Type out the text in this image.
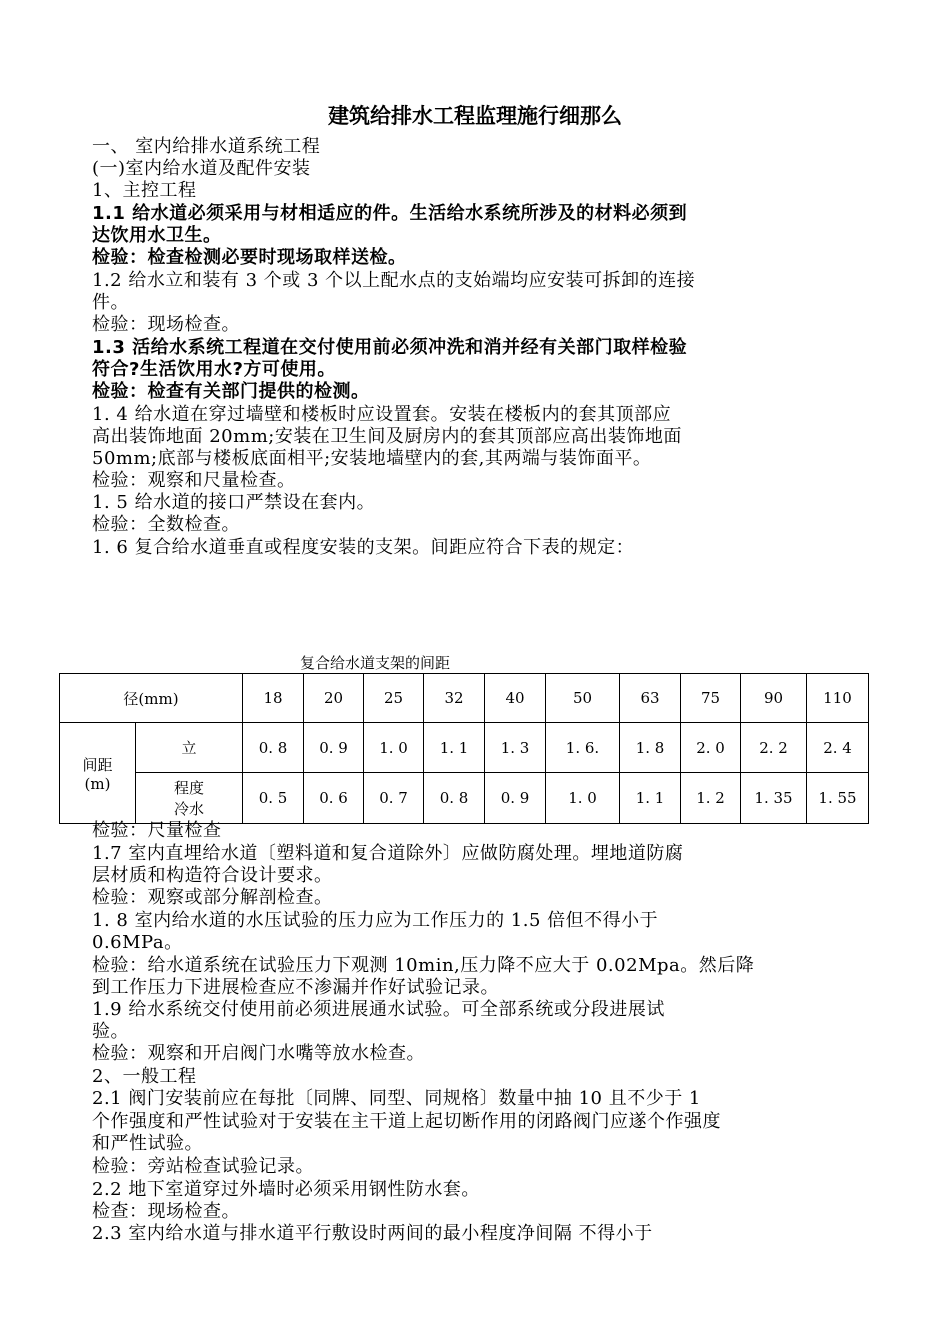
建筑给排水工程监理施行细那么
一、 室内给排水道系统工程
(一)室内给水道及配件安装
1、主控工程
1.1 给水道必须采用与材相适应的件。生活给水系统所涉及的材料必须到
达饮用水卫生。
检验：检查检测必要时现场取样送检。
1.2 给水立和装有 3 个或 3 个以上配水点的支始端均应安装可拆卸的连接
件。
检验：现场检查。
1.3 活给水系统工程道在交付使用前必须冲洗和消并经有关部门取样检验
符合?生活饮用水?方可使用。
检验：检查有关部门提供的检测。
1. 4 给水道在穿过墙壁和楼板时应设置套。安装在楼板内的套其顶部应
高出装饰地面 20mm;安装在卫生间及厨房内的套其顶部应高出装饰地面
50mm;底部与楼板底面相平;安装地墙壁内的套,其两端与装饰面平。
检验：观察和尺量检查。
1. 5 给水道的接口严禁设在套内。
检验：全数检查。
1. 6 复合给水道垂直或程度安装的支架。间距应符合下表的规定：
复合给水道支架的间距
径(mm)		18	20	25	32	40	50	63	75	90	110

间距
(m)	立	0. 8	0. 9	1. 0	1. 1	1. 3	1. 6.	1. 8	2. 0	2. 2	2. 4

	程度
冷水	0. 5	0. 6	0. 7	0. 8	0. 9	1. 0	1. 1	1. 2	1. 35	1. 55
检验：尺量检查
1.7 室内直埋给水道〔塑料道和复合道除外〕应做防腐处理。埋地道防腐
层材质和构造符合设计要求。
检验：观察或部分解剖检查。
1. 8 室内给水道的水压试验的压力应为工作压力的 1.5 倍但不得小于
0.6MPa。
检验：给水道系统在试验压力下观测 10min,压力降不应大于 0.02Mpa。然后降
到工作压力下进展检查应不渗漏并作好试验记录。
1.9 给水系统交付使用前必须进展通水试验。可全部系统或分段进展试
验。
检验：观察和开启阀门水嘴等放水检查。
2、一般工程
2.1 阀门安装前应在每批〔同牌、同型、同规格〕数量中抽 10 且不少于 1
个作强度和严性试验对于安装在主干道上起切断作用的闭路阀门应遂个作强度
和严性试验。
检验：旁站检查试验记录。
2.2 地下室道穿过外墙时必须采用钢性防水套。
检查：现场检查。
2.3 室内给水道与排水道平行敷设时两间的最小程度净间隔 不得小于
